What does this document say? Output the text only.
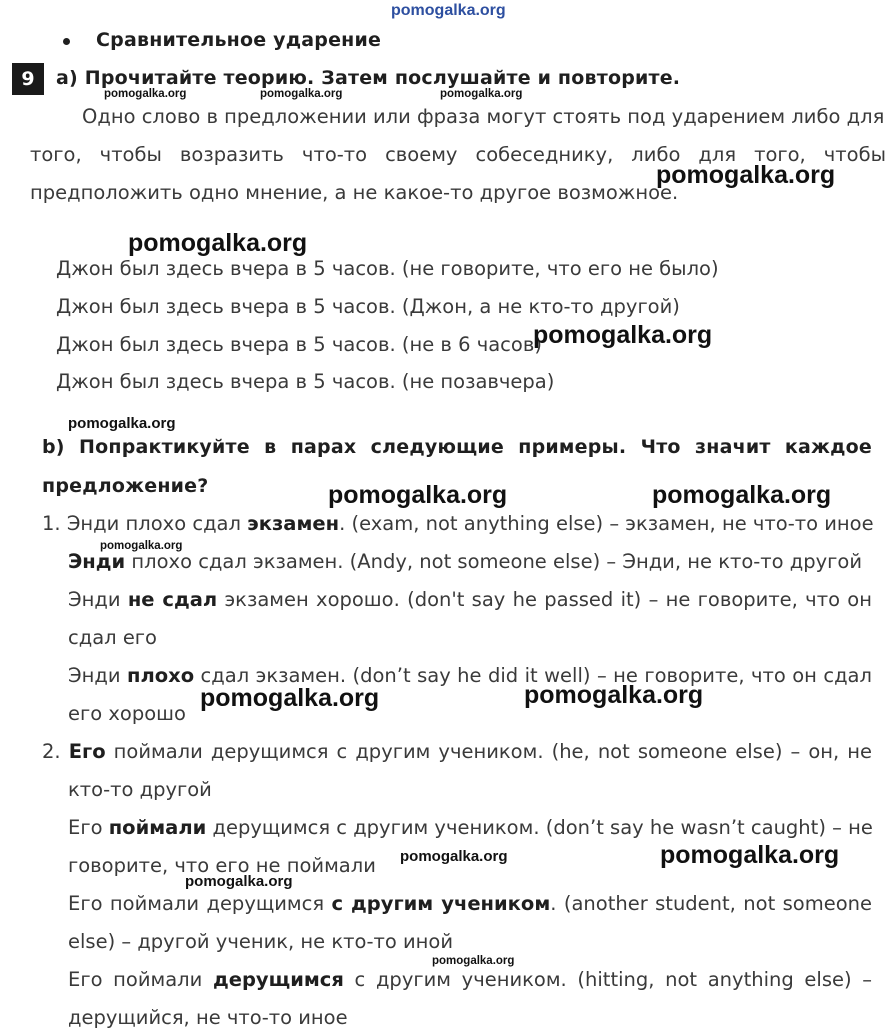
pomogalka.org
Сравнительное ударение
9	a) Прочитайте теорию. Затем послушайте и повторите.
Одно слово в предложении или фраза могут стоять под ударением либо для
того, чтобы возразить что-то своему собеседнику, либо для того, чтобы
предположить одно мнение, а не какое-то другое возможное.
Джон был здесь вчера в 5 часов. (не говорите, что его не было)
Джон был здесь вчера в 5 часов. (Джон, а не кто-то другой)
Джон был здесь вчера в 5 часов. (не в 6 часов)
Джон был здесь вчера в 5 часов. (не позавчера)
b) Попрактикуйте в парах следующие примеры. Что значит каждое
предложение?
1. Энди плохо сдал экзамен. (exam, not anything else) – экзамен, не что-то иное
Энди плохо сдал экзамен. (Andy, not someone else) – Энди, не кто-то другой
Энди не сдал экзамен хорошо. (don't say he passed it) – не говорите, что он
сдал его
Энди плохо сдал экзамен. (don’t say he did it well) – не говорите, что он сдал
его хорошо
2. Его поймали дерущимся с другим учеником. (he, not someone else) – он, не
кто-то другой
Его поймали дерущимся с другим учеником. (don’t say he wasn’t caught) – не
говорите, что его не поймали
Его поймали дерущимся с другим учеником. (another student, not someone
else) – другой ученик, не кто-то иной
Его поймали дерущимся с другим учеником. (hitting, not anything else) –
дерущийся, не что-то иное
pomogalka.org	pomogalka.org	pomogalka.org
pomogalka.org
pomogalka.org
pomogalka.org
pomogalka.org
pomogalka.org	pomogalka.org
pomogalka.org
pomogalka.org	pomogalka.org
pomogalka.org	pomogalka.org
pomogalka.org
pomogalka.org
